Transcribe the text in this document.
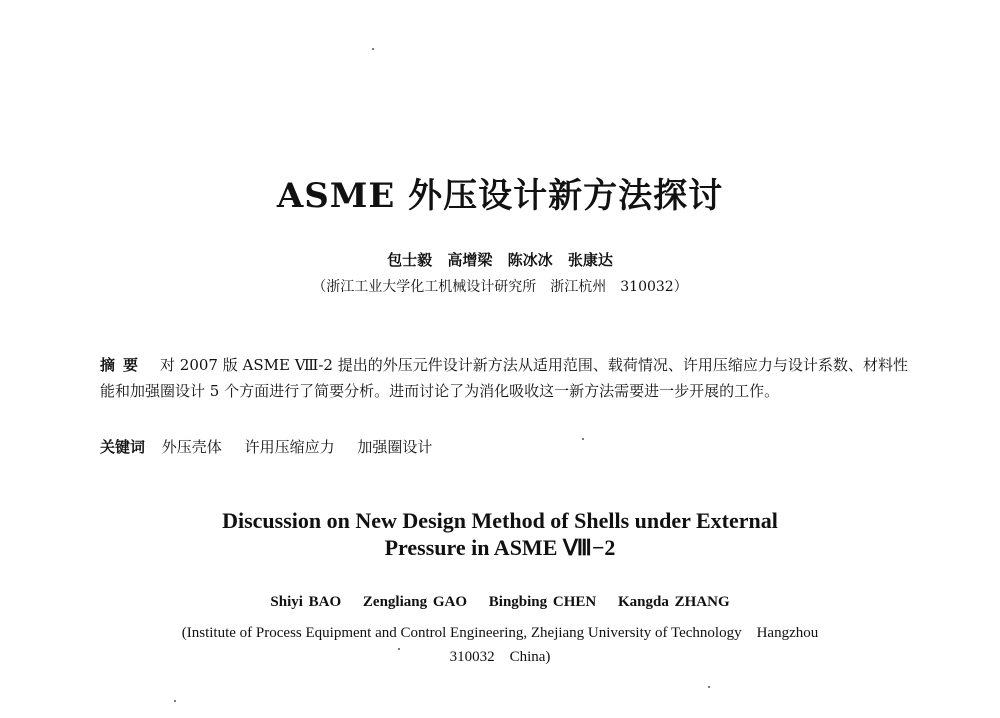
ASME 外压设计新方法探讨
包士毅 高增梁 陈冰冰 张康达
（浙江工业大学化工机械设计研究所　浙江杭州　310032）
摘要 对 2007 版 ASME Ⅷ-2 提出的外压元件设计新方法从适用范围、载荷情况、许用压缩应力与设计系数、材料性能和加强圈设计 5 个方面进行了简要分析。进而讨论了为消化吸收这一新方法需要进一步开展的工作。
关键词 外压壳体 许用压缩应力 加强圈设计
Discussion on New Design Method of Shells under External
Pressure in ASME Ⅷ−2
Shiyi BAO Zengliang GAO Bingbing CHEN Kangda ZHANG
(Institute of Process Equipment and Control Engineering, Zhejiang University of Technology　Hangzhou
310032　China)
